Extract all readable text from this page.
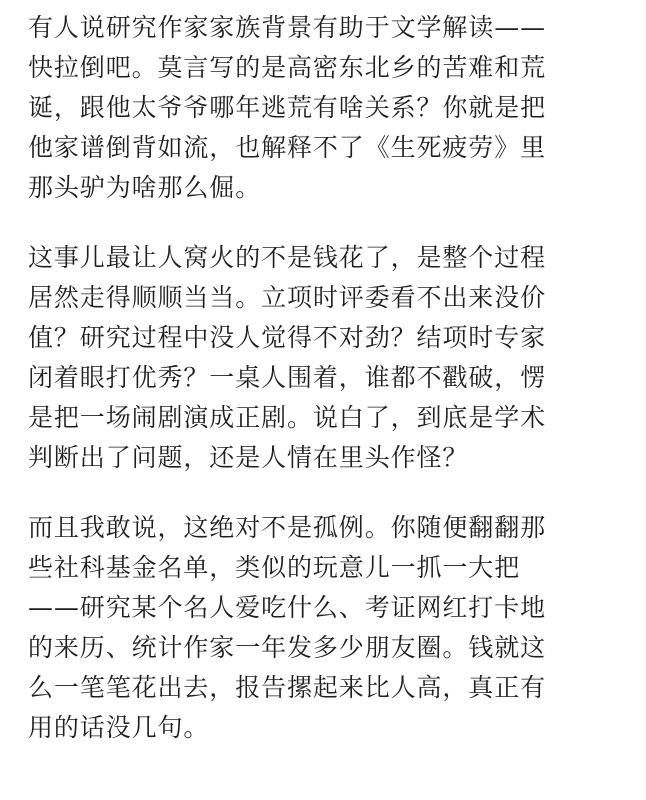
有人说研究作家家族背景有助于文学解读——
快拉倒吧。莫言写的是高密东北乡的苦难和荒
诞，跟他太爷爷哪年逃荒有啥关系？你就是把
他家谱倒背如流，也解释不了《生死疲劳》里
那头驴为啥那么倔。
这事儿最让人窝火的不是钱花了，是整个过程
居然走得顺顺当当。立项时评委看不出来没价
值？研究过程中没人觉得不对劲？结项时专家
闭着眼打优秀？一桌人围着，谁都不戳破，愣
是把一场闹剧演成正剧。说白了，到底是学术
判断出了问题，还是人情在里头作怪？
而且我敢说，这绝对不是孤例。你随便翻翻那
些社科基金名单，类似的玩意儿一抓一大把
——研究某个名人爱吃什么、考证网红打卡地
的来历、统计作家一年发多少朋友圈。钱就这
么一笔笔花出去，报告摞起来比人高，真正有
用的话没几句。
